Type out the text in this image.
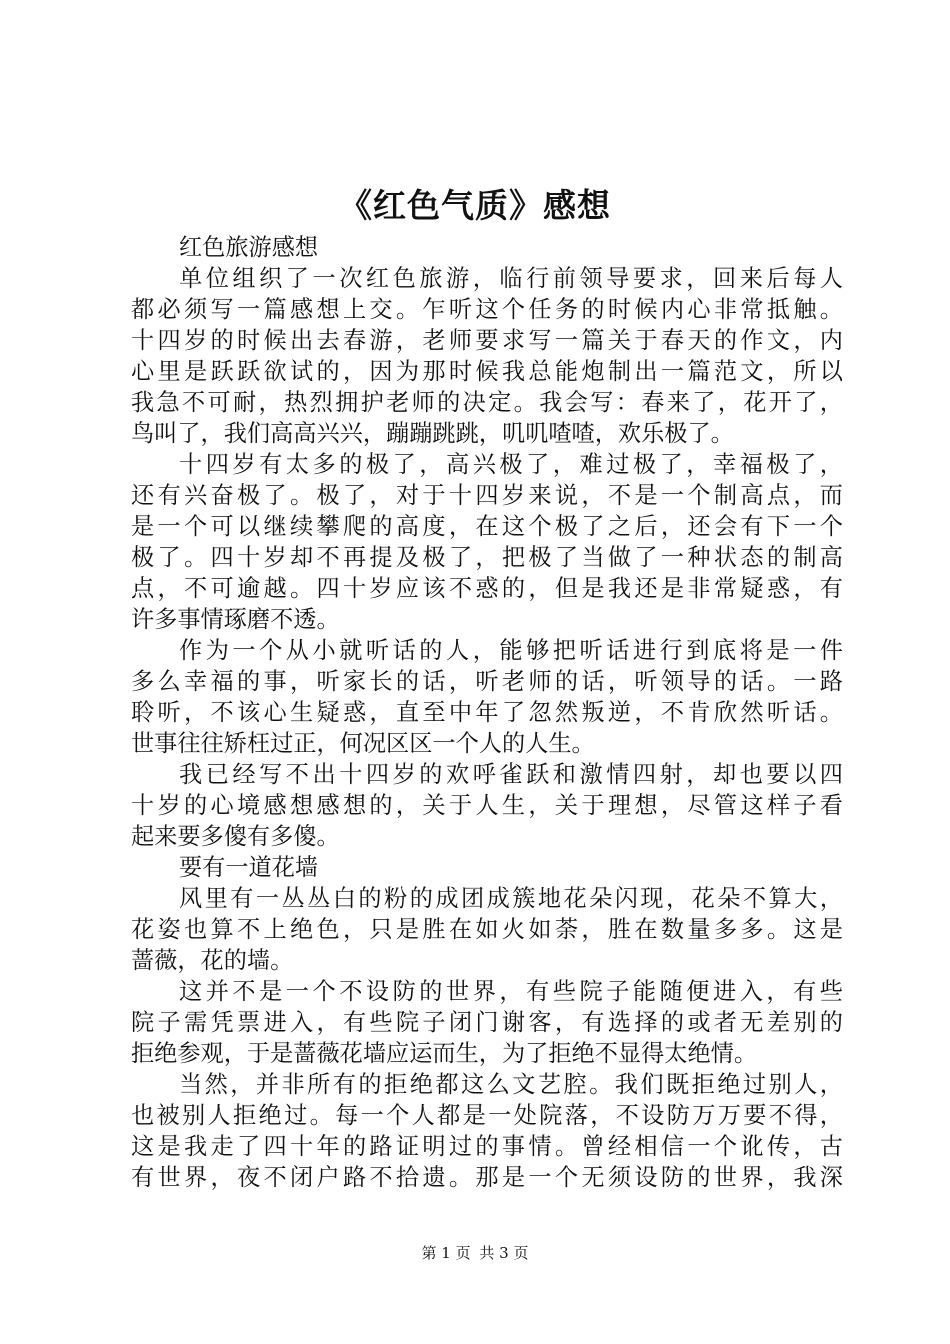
《红色气质》感想
红色旅游感想
单位组织了一次红色旅游，临行前领导要求，回来后每人
都必须写一篇感想上交。乍听这个任务的时候内心非常抵触。
十四岁的时候出去春游，老师要求写一篇关于春天的作文，内
心里是跃跃欲试的，因为那时候我总能炮制出一篇范文，所以
我急不可耐，热烈拥护老师的决定。我会写：春来了，花开了，
鸟叫了，我们高高兴兴，蹦蹦跳跳，叽叽喳喳，欢乐极了。
十四岁有太多的极了，高兴极了，难过极了，幸福极了，
还有兴奋极了。极了，对于十四岁来说，不是一个制高点，而
是一个可以继续攀爬的高度，在这个极了之后，还会有下一个
极了。四十岁却不再提及极了，把极了当做了一种状态的制高
点，不可逾越。四十岁应该不惑的，但是我还是非常疑惑，有
许多事情琢磨不透。
作为一个从小就听话的人，能够把听话进行到底将是一件
多么幸福的事，听家长的话，听老师的话，听领导的话。一路
聆听，不该心生疑惑，直至中年了忽然叛逆，不肯欣然听话。
世事往往矫枉过正，何况区区一个人的人生。
我已经写不出十四岁的欢呼雀跃和激情四射，却也要以四
十岁的心境感想感想的，关于人生，关于理想，尽管这样子看
起来要多傻有多傻。
要有一道花墙
风里有一丛丛白的粉的成团成簇地花朵闪现，花朵不算大，
花姿也算不上绝色，只是胜在如火如荼，胜在数量多多。这是
蔷薇，花的墙。
这并不是一个不设防的世界，有些院子能随便进入，有些
院子需凭票进入，有些院子闭门谢客，有选择的或者无差别的
拒绝参观，于是蔷薇花墙应运而生，为了拒绝不显得太绝情。
当然，并非所有的拒绝都这么文艺腔。我们既拒绝过别人，
也被别人拒绝过。每一个人都是一处院落，不设防万万要不得，
这是我走了四十年的路证明过的事情。曾经相信一个讹传，古
有世界，夜不闭户路不拾遗。那是一个无须设防的世界，我深
第 1 页 共 3 页
